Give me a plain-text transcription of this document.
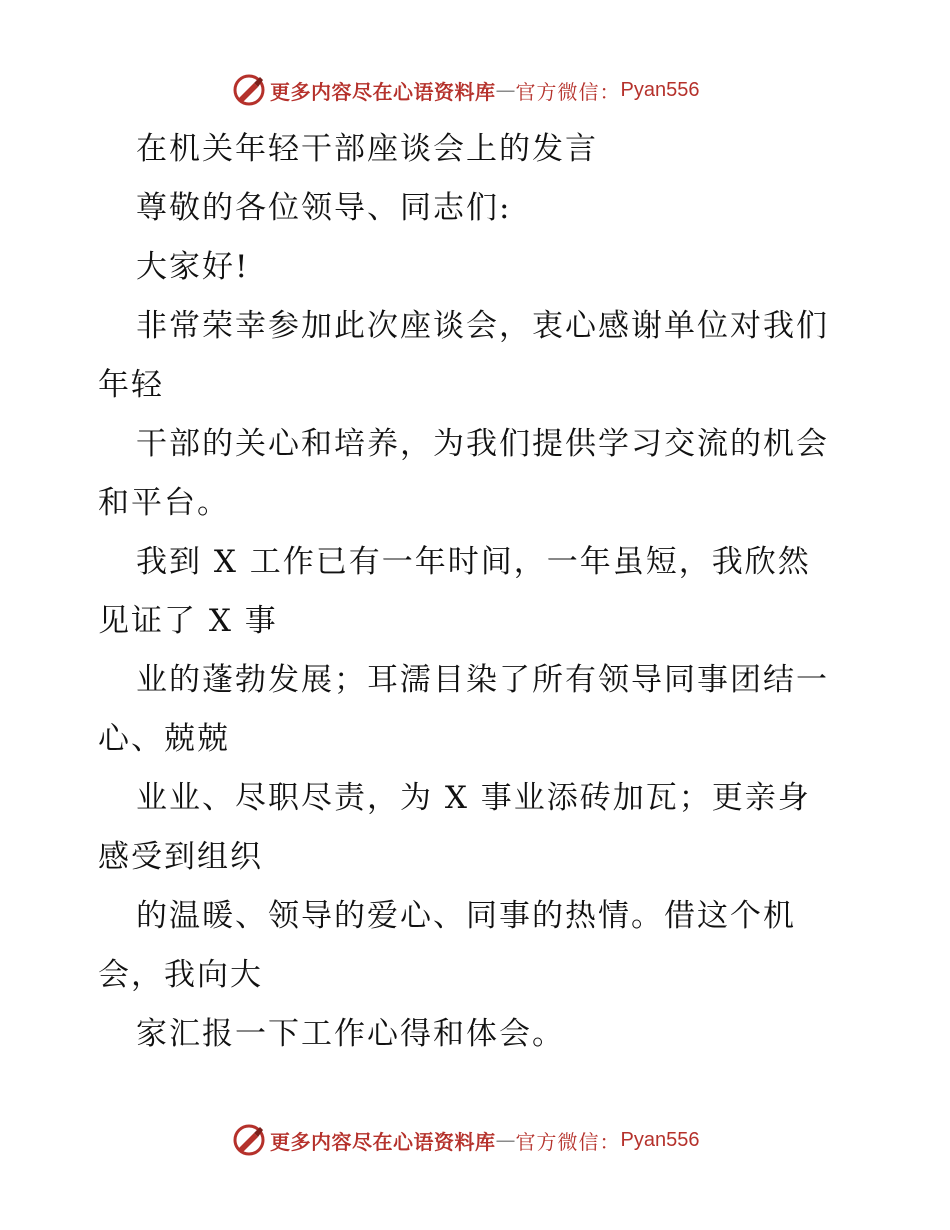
更多内容尽在心语资料库 — 官方微信： Pyan556
在机关年轻干部座谈会上的发言
尊敬的各位领导、同志们:
大家好!
非常荣幸参加此次座谈会，衷心感谢单位对我们
年轻
干部的关心和培养，为我们提供学习交流的机会
和平台。
我到 X 工作已有一年时间，一年虽短，我欣然
见证了 X 事
业的蓬勃发展；耳濡目染了所有领导同事团结一
心、兢兢
业业、尽职尽责，为 X 事业添砖加瓦；更亲身
感受到组织
的温暖、领导的爱心、同事的热情。借这个机
会，我向大
家汇报一下工作心得和体会。
更多内容尽在心语资料库 — 官方微信： Pyan556
